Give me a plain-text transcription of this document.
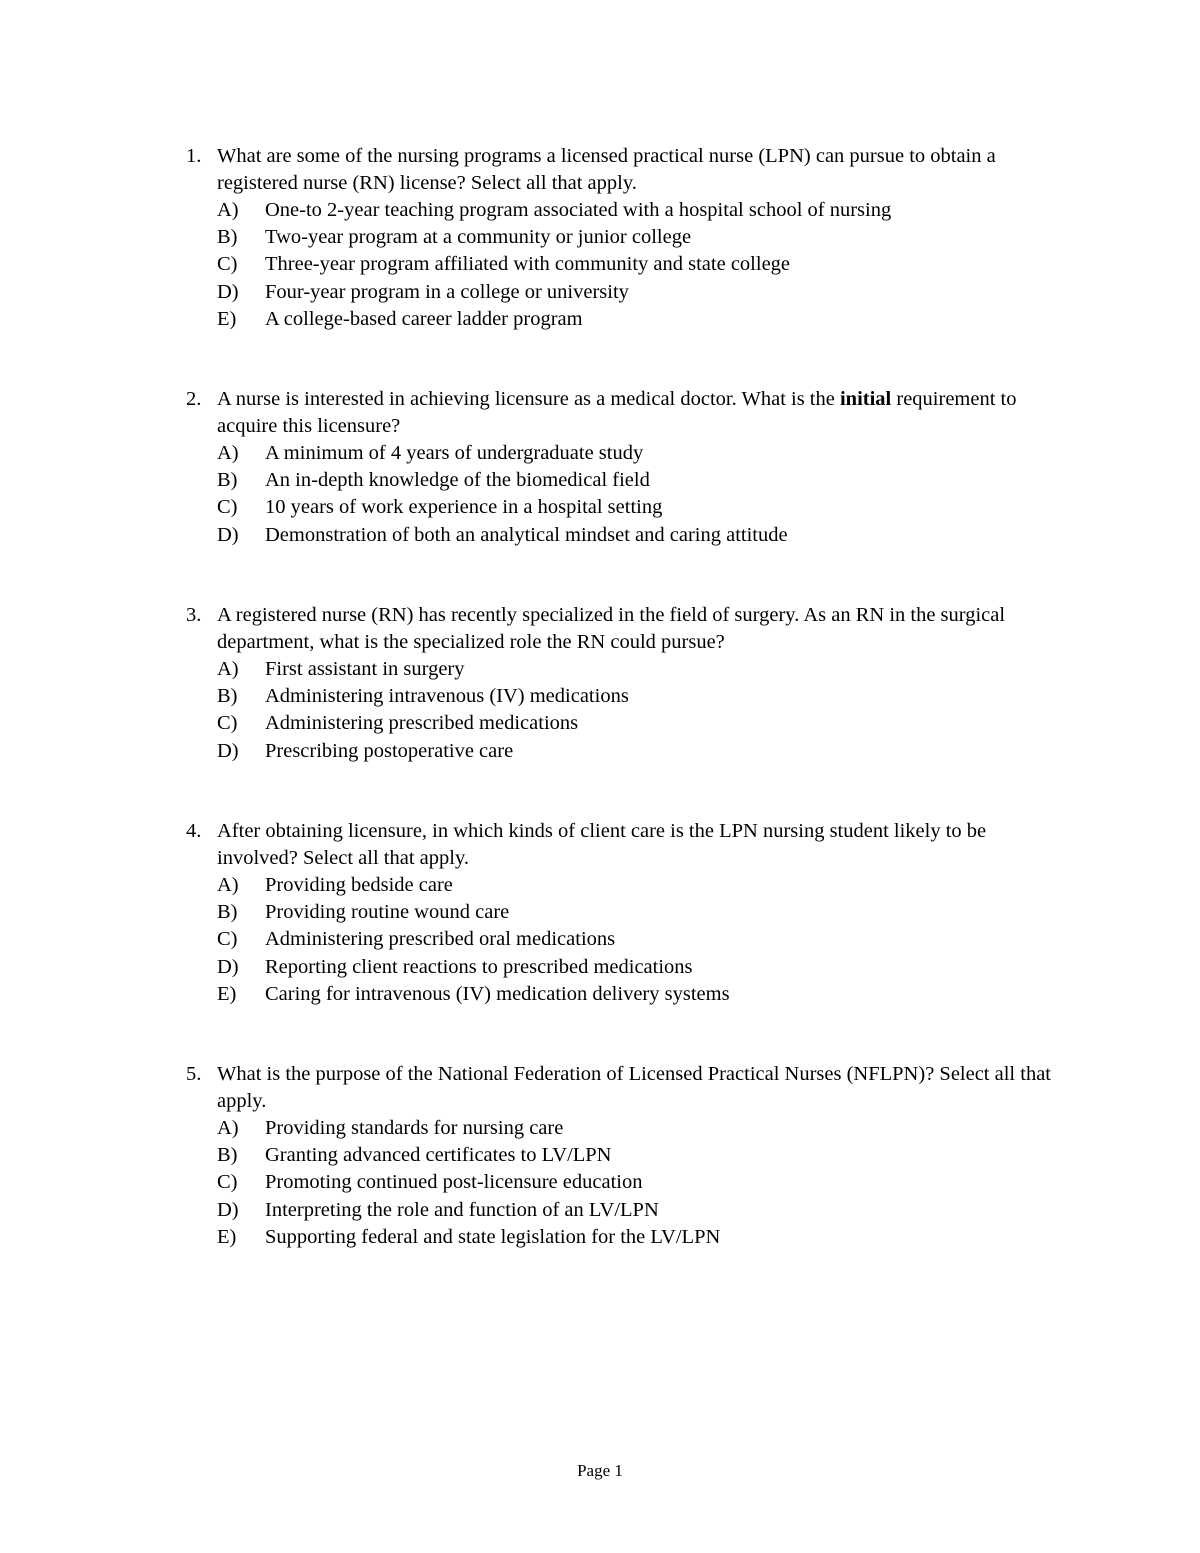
1. What are some of the nursing programs a licensed practical nurse (LPN) can pursue to obtain a registered nurse (RN) license? Select all that apply.
A)	One-to 2-year teaching program associated with a hospital school of nursing
B)	Two-year program at a community or junior college
C)	Three-year program affiliated with community and state college
D)	Four-year program in a college or university
E)	A college-based career ladder program
2. A nurse is interested in achieving licensure as a medical doctor. What is the initial requirement to acquire this licensure?
A)	A minimum of 4 years of undergraduate study
B)	An in-depth knowledge of the biomedical field
C)	10 years of work experience in a hospital setting
D)	Demonstration of both an analytical mindset and caring attitude
3. A registered nurse (RN) has recently specialized in the field of surgery. As an RN in the surgical department, what is the specialized role the RN could pursue?
A)	First assistant in surgery
B)	Administering intravenous (IV) medications
C)	Administering prescribed medications
D)	Prescribing postoperative care
4. After obtaining licensure, in which kinds of client care is the LPN nursing student likely to be involved? Select all that apply.
A)	Providing bedside care
B)	Providing routine wound care
C)	Administering prescribed oral medications
D)	Reporting client reactions to prescribed medications
E)	Caring for intravenous (IV) medication delivery systems
5. What is the purpose of the National Federation of Licensed Practical Nurses (NFLPN)? Select all that apply.
A)	Providing standards for nursing care
B)	Granting advanced certificates to LV/LPN
C)	Promoting continued post-licensure education
D)	Interpreting the role and function of an LV/LPN
E)	Supporting federal and state legislation for the LV/LPN
Page 1
